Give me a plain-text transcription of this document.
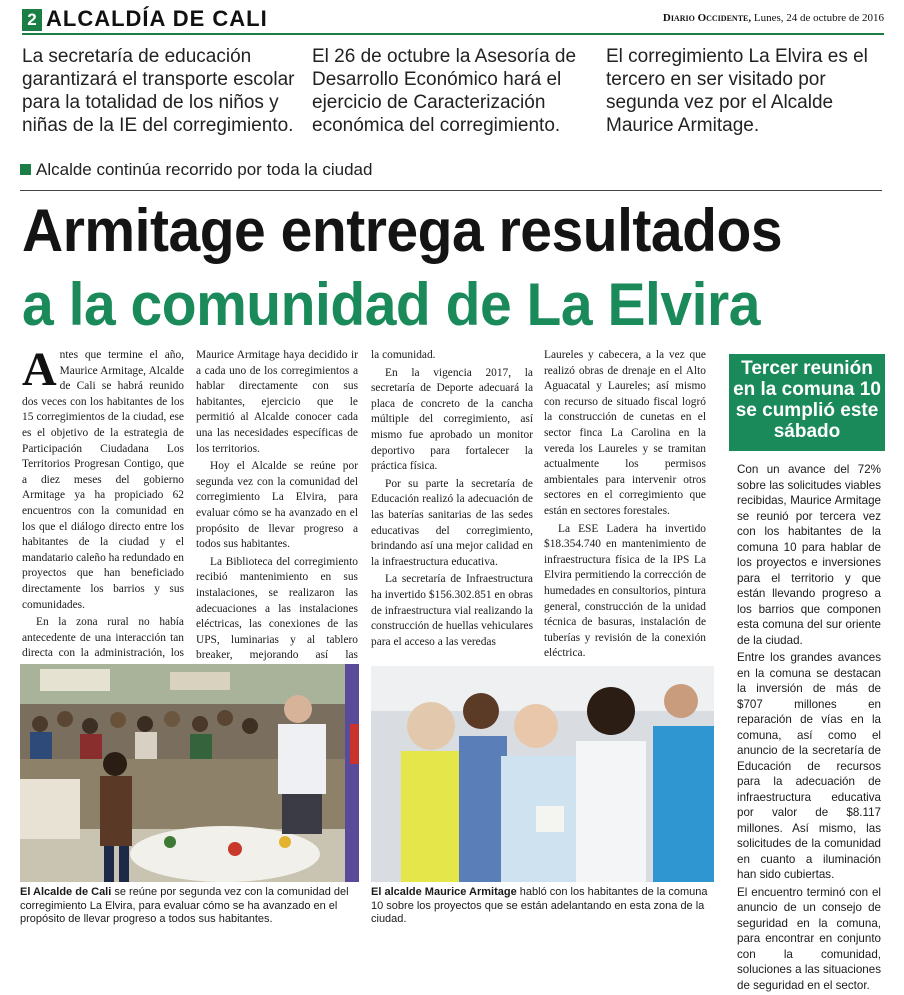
2 ALCALDÍA DE CALI	Diario Occidente, Lunes, 24 de octubre de 2016
La secretaría de educación garantizará el transporte escolar para la totalidad de los niños y niñas de la IE del corregimiento.
El 26 de octubre la Asesoría de Desarrollo Económico hará el ejercicio de Caracterización económica del corregimiento.
El corregimiento La Elvira es el tercero en ser visitado por segunda vez por el Alcalde Maurice Armitage.
Alcalde continúa recorrido por toda la ciudad
Armitage entrega resultados
a la comunidad de La Elvira

Antes que termine el año, Maurice Armitage, Alcalde de Cali se habrá reunido dos veces con los habitantes de los 15 corregimientos de la ciudad, ese es el objetivo de la estrategia de Participación Ciudadana Los Territorios Progresan Contigo, que a diez meses del gobierno Armitage ya ha propiciado 62 encuentros con la comunidad en los que el diálogo directo entre los habitantes de la ciudad y el mandatario caleño ha redundado en proyectos que han beneficiado directamente los barrios y sus comunidades.

En la zona rural no había antecedente de una interacción tan directa con la administración, los

Maurice Armitage haya decidido ir a cada uno de los corregimientos a hablar directamente con sus habitantes, ejercicio que le permitió al Alcalde conocer cada una las necesidades específicas de los territorios.

Hoy el Alcalde se reúne por segunda vez con la comunidad del corregimiento La Elvira, para evaluar cómo se ha avanzado en el propósito de llevar progreso a todos sus habitantes.

La Biblioteca del corregimiento recibió mantenimiento en sus instalaciones, se realizaron las adecuaciones a las instalaciones eléctricas, las conexiones de las UPS, luminarias y al tablero breaker, mejorando así las

la comunidad.

En la vigencia 2017, la secretaría de Deporte adecuará la placa de concreto de la cancha múltiple del corregimiento, así mismo fue aprobado un monitor deportivo para fortalecer la práctica física.

Por su parte la secretaría de Educación realizó la adecuación de las baterías sanitarias de las sedes educativas del corregimiento, brindando así una mejor calidad en la infraestructura educativa.

La secretaría de Infraestructura ha invertido $156.302.851 en obras de infraestructura vial realizando la construcción de huellas vehiculares para el acceso a las veredas

Laureles y cabecera, a la vez que realizó obras de drenaje en el Alto Aguacatal y Laureles; así mismo con recurso de situado fiscal logró la construcción de cunetas en el sector finca La Carolina en la vereda los Laureles y se tramitan actualmente los permisos ambientales para intervenir otros sectores en el corregimiento que están en sectores forestales.

La ESE Ladera ha invertido $18.354.740 en mantenimiento de infraestructura física de la IPS La Elvira permitiendo la corrección de humedades en consultorios, pintura general, construcción de la unidad técnica de basuras, instalación de tuberías y revisión de la conexión eléctrica.

Tercer reunión en la comuna 10 se cumplió este sábado

Con un avance del 72% sobre las solicitudes viables recibidas, Maurice Armitage se reunió por tercera vez con los habitantes de la comuna 10 para hablar de los proyectos e inversiones para el territorio y que están llevando progreso a los barrios que componen esta comuna del sur oriente de la ciudad.

Entre los grandes avances en la comuna se destacan la inversión de más de $707 millones en reparación de vías en la comuna, así como el anuncio de la secretaría de Educación de recursos para la adecuación de infraestructura educativa por valor de $8.117 millones. Así mismo, las solicitudes de la comunidad en cuanto a iluminación han sido cubiertas.

El encuentro terminó con el anuncio de un consejo de seguridad en la comuna, para encontrar en conjunto con la comunidad, soluciones a las situaciones de seguridad en el sector.

El Alcalde de Cali se reúne por segunda vez con la comunidad del corregimiento La Elvira, para evaluar cómo se ha avanzado en el propósito de llevar progreso a todos sus habitantes.
El alcalde Maurice Armitage habló con los habitantes de la comuna 10 sobre los proyectos que se están adelantando en esta zona de la ciudad.
